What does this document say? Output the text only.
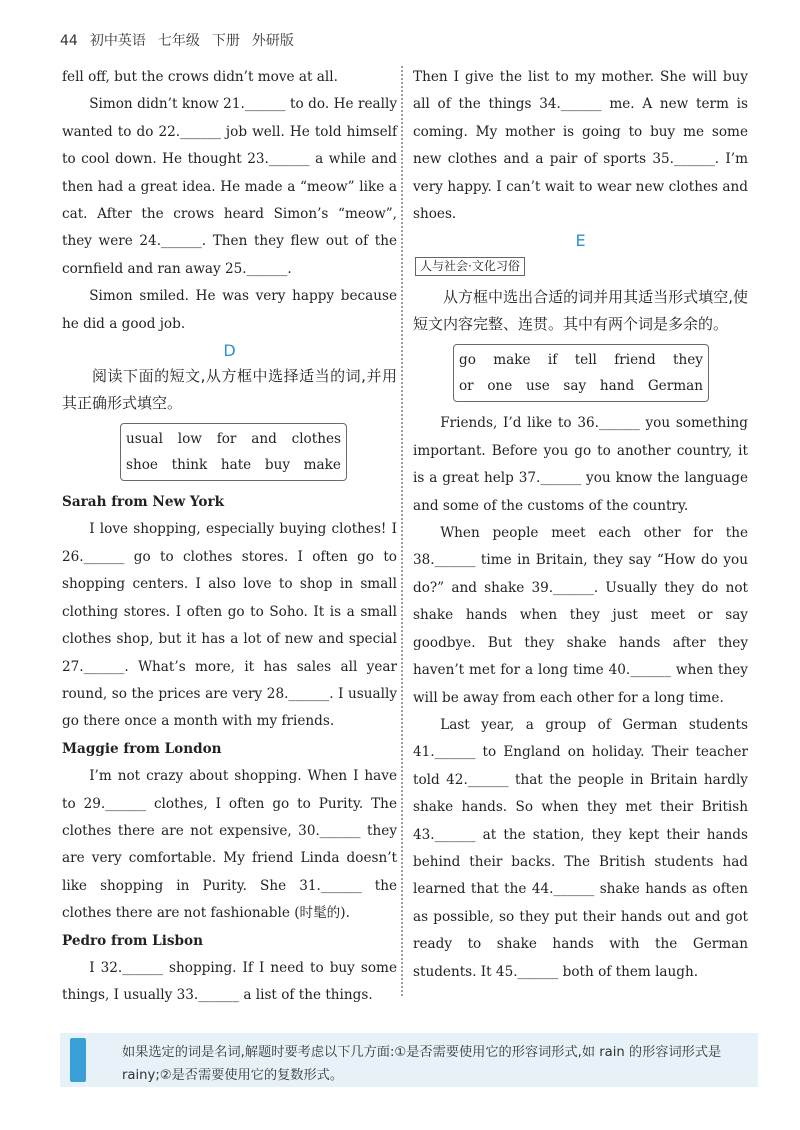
44 初中英语 七年级 下册 外研版

fell off, but the crows didn’t move at all.

Simon didn’t know 21.______ to do. He really wanted to do 22.______ job well. He told himself to cool down. He thought 23.______ a while and then had a great idea. He made a “meow” like a cat. After the crows heard Simon’s “meow”, they were 24.______. Then they flew out of the cornfield and ran away 25.______.

Simon smiled. He was very happy because he did a good job.

D

阅读下面的短文,从方框中选择适当的词,并用其正确形式填空。

usual low for and clothes
shoe think hate buy make

Sarah from New York

I love shopping, especially buying clothes! I 26.______ go to clothes stores. I often go to shopping centers. I also love to shop in small clothing stores. I often go to Soho. It is a small clothes shop, but it has a lot of new and special 27.______. What’s more, it has sales all year round, so the prices are very 28.______. I usually go there once a month with my friends.

Maggie from London

I’m not crazy about shopping. When I have to 29.______ clothes, I often go to Purity. The clothes there are not expensive, 30.______ they are very comfortable. My friend Linda doesn’t like shopping in Purity. She 31.______ the clothes there are not fashionable (时髦的).

Pedro from Lisbon

I 32.______ shopping. If I need to buy some things, I usually 33.______ a list of the things.

Then I give the list to my mother. She will buy all of the things 34.______ me. A new term is coming. My mother is going to buy me some new clothes and a pair of sports 35.______. I’m very happy. I can’t wait to wear new clothes and shoes.

E
人与社会·文化习俗

从方框中选出合适的词并用其适当形式填空,使短文内容完整、连贯。其中有两个词是多余的。

go make if tell friend they
or one use say hand German

Friends, I’d like to 36.______ you something important. Before you go to another country, it is a great help 37.______ you know the language and some of the customs of the country.

When people meet each other for the 38.______ time in Britain, they say “How do you do?” and shake 39.______. Usually they do not shake hands when they just meet or say goodbye. But they shake hands after they haven’t met for a long time 40.______ when they will be away from each other for a long time.

Last year, a group of German students 41.______ to England on holiday. Their teacher told 42.______ that the people in Britain hardly shake hands. So when they met their British 43.______ at the station, they kept their hands behind their backs. The British students had learned that the 44.______ shake hands as often as possible, so they put their hands out and got ready to shake hands with the German students. It 45.______ both of them laugh.

如果选定的词是名词,解题时要考虑以下几方面:①是否需要使用它的形容词形式,如 rain 的形容词形式是 rainy;②是否需要使用它的复数形式。
